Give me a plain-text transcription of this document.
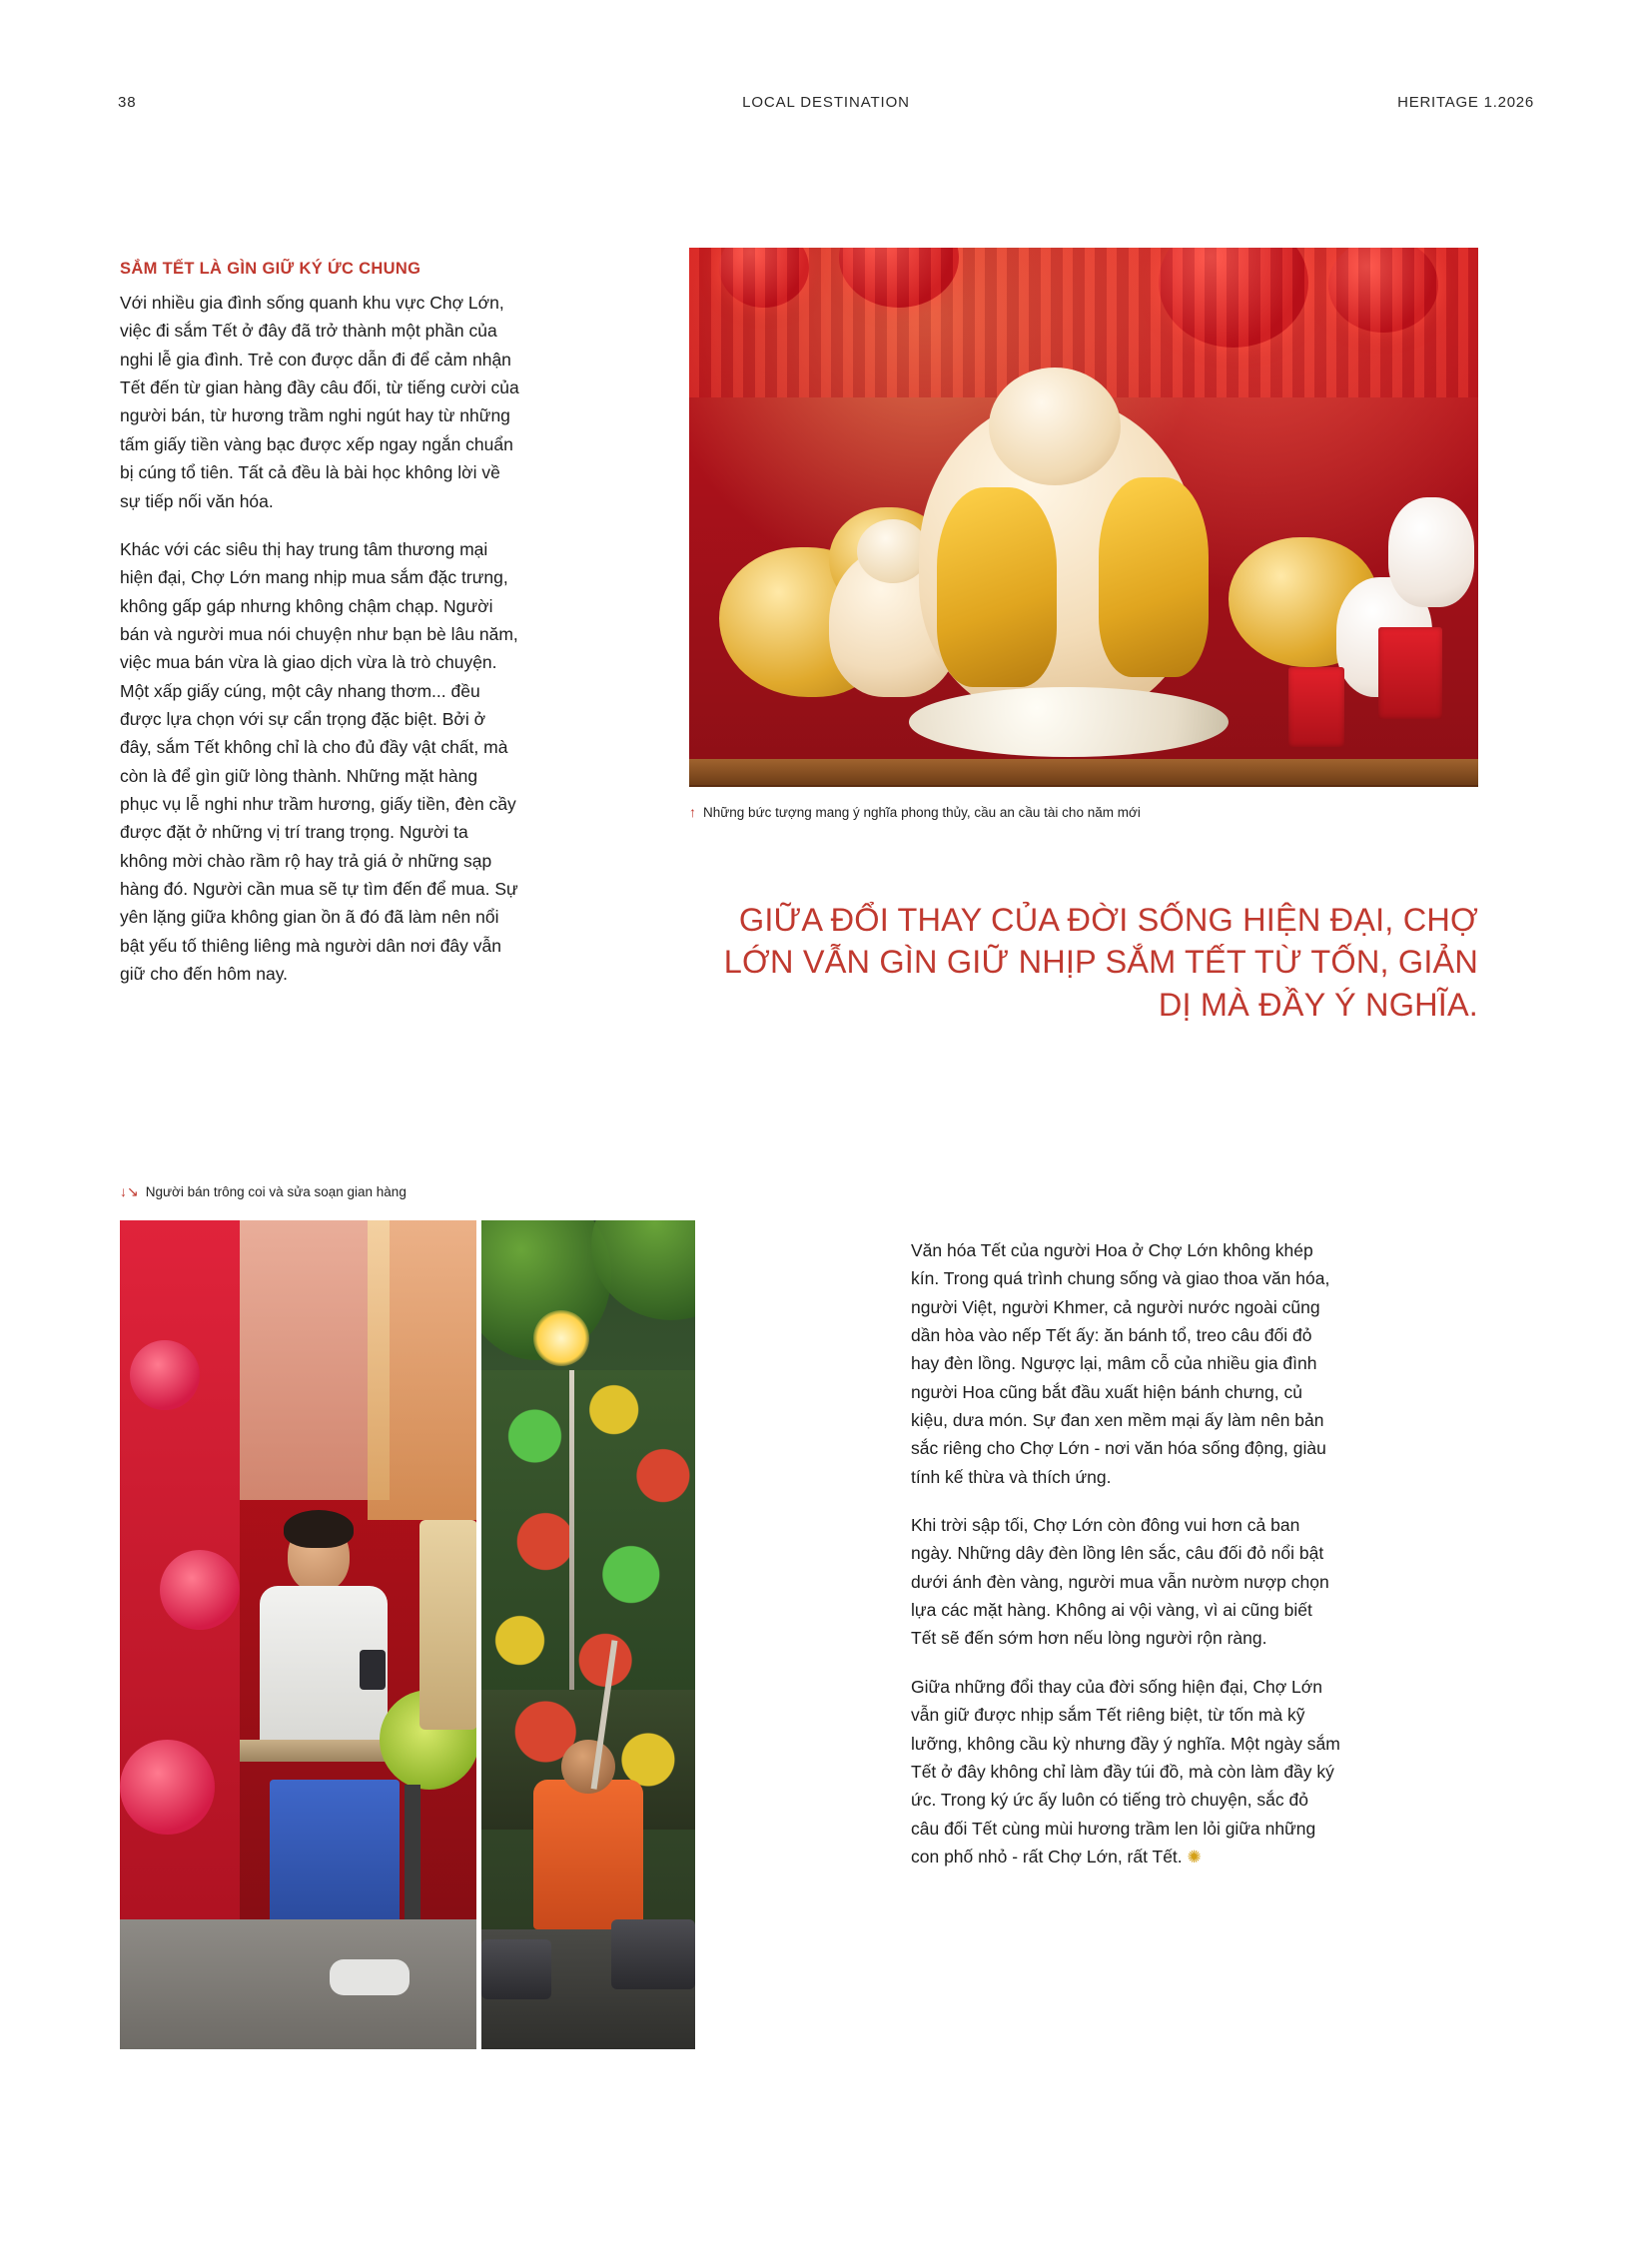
38	LOCAL DESTINATION	HERITAGE 1.2026
SẮM TẾT LÀ GÌN GIỮ KÝ ỨC CHUNG

Với nhiều gia đình sống quanh khu vực Chợ Lớn, việc đi sắm Tết ở đây đã trở thành một phần của nghi lễ gia đình. Trẻ con được dẫn đi để cảm nhận Tết đến từ gian hàng đầy câu đối, từ tiếng cười của người bán, từ hương trầm nghi ngút hay từ những tấm giấy tiền vàng bạc được xếp ngay ngắn chuẩn bị cúng tổ tiên. Tất cả đều là bài học không lời về sự tiếp nối văn hóa.

Khác với các siêu thị hay trung tâm thương mại hiện đại, Chợ Lớn mang nhịp mua sắm đặc trưng, không gấp gáp nhưng không chậm chạp. Người bán và người mua nói chuyện như bạn bè lâu năm, việc mua bán vừa là giao dịch vừa là trò chuyện. Một xấp giấy cúng, một cây nhang thơm... đều được lựa chọn với sự cẩn trọng đặc biệt. Bởi ở đây, sắm Tết không chỉ là cho đủ đầy vật chất, mà còn là để gìn giữ lòng thành. Những mặt hàng phục vụ lễ nghi như trầm hương, giấy tiền, đèn cầy được đặt ở những vị trí trang trọng. Người ta không mời chào rầm rộ hay trả giá ở những sạp hàng đó. Người cần mua sẽ tự tìm đến để mua. Sự yên lặng giữa không gian ồn ã đó đã làm nên nổi bật yếu tố thiêng liêng mà người dân nơi đây vẫn giữ cho đến hôm nay.

↑ Những bức tượng mang ý nghĩa phong thủy, cầu an cầu tài cho năm mới
GIỮA ĐỔI THAY CỦA ĐỜI SỐNG HIỆN ĐẠI, CHỢ LỚN VẪN GÌN GIỮ NHỊP SẮM TẾT TỪ TỐN, GIẢN DỊ MÀ ĐẦY Ý NGHĨA.
↓↘ Người bán trông coi và sửa soạn gian hàng

Văn hóa Tết của người Hoa ở Chợ Lớn không khép kín. Trong quá trình chung sống và giao thoa văn hóa, người Việt, người Khmer, cả người nước ngoài cũng dần hòa vào nếp Tết ấy: ăn bánh tổ, treo câu đối đỏ hay đèn lồng. Ngược lại, mâm cỗ của nhiều gia đình người Hoa cũng bắt đầu xuất hiện bánh chưng, củ kiệu, dưa món. Sự đan xen mềm mại ấy làm nên bản sắc riêng cho Chợ Lớn - nơi văn hóa sống động, giàu tính kế thừa và thích ứng.

Khi trời sập tối, Chợ Lớn còn đông vui hơn cả ban ngày. Những dây đèn lồng lên sắc, câu đối đỏ nổi bật dưới ánh đèn vàng, người mua vẫn nườm nượp chọn lựa các mặt hàng. Không ai vội vàng, vì ai cũng biết Tết sẽ đến sớm hơn nếu lòng người rộn ràng.

Giữa những đổi thay của đời sống hiện đại, Chợ Lớn vẫn giữ được nhịp sắm Tết riêng biệt, từ tốn mà kỹ lưỡng, không cầu kỳ nhưng đầy ý nghĩa. Một ngày sắm Tết ở đây không chỉ làm đầy túi đồ, mà còn làm đầy ký ức. Trong ký ức ấy luôn có tiếng trò chuyện, sắc đỏ câu đối Tết cùng mùi hương trầm len lỏi giữa những con phố nhỏ - rất Chợ Lớn, rất Tết. ✺
